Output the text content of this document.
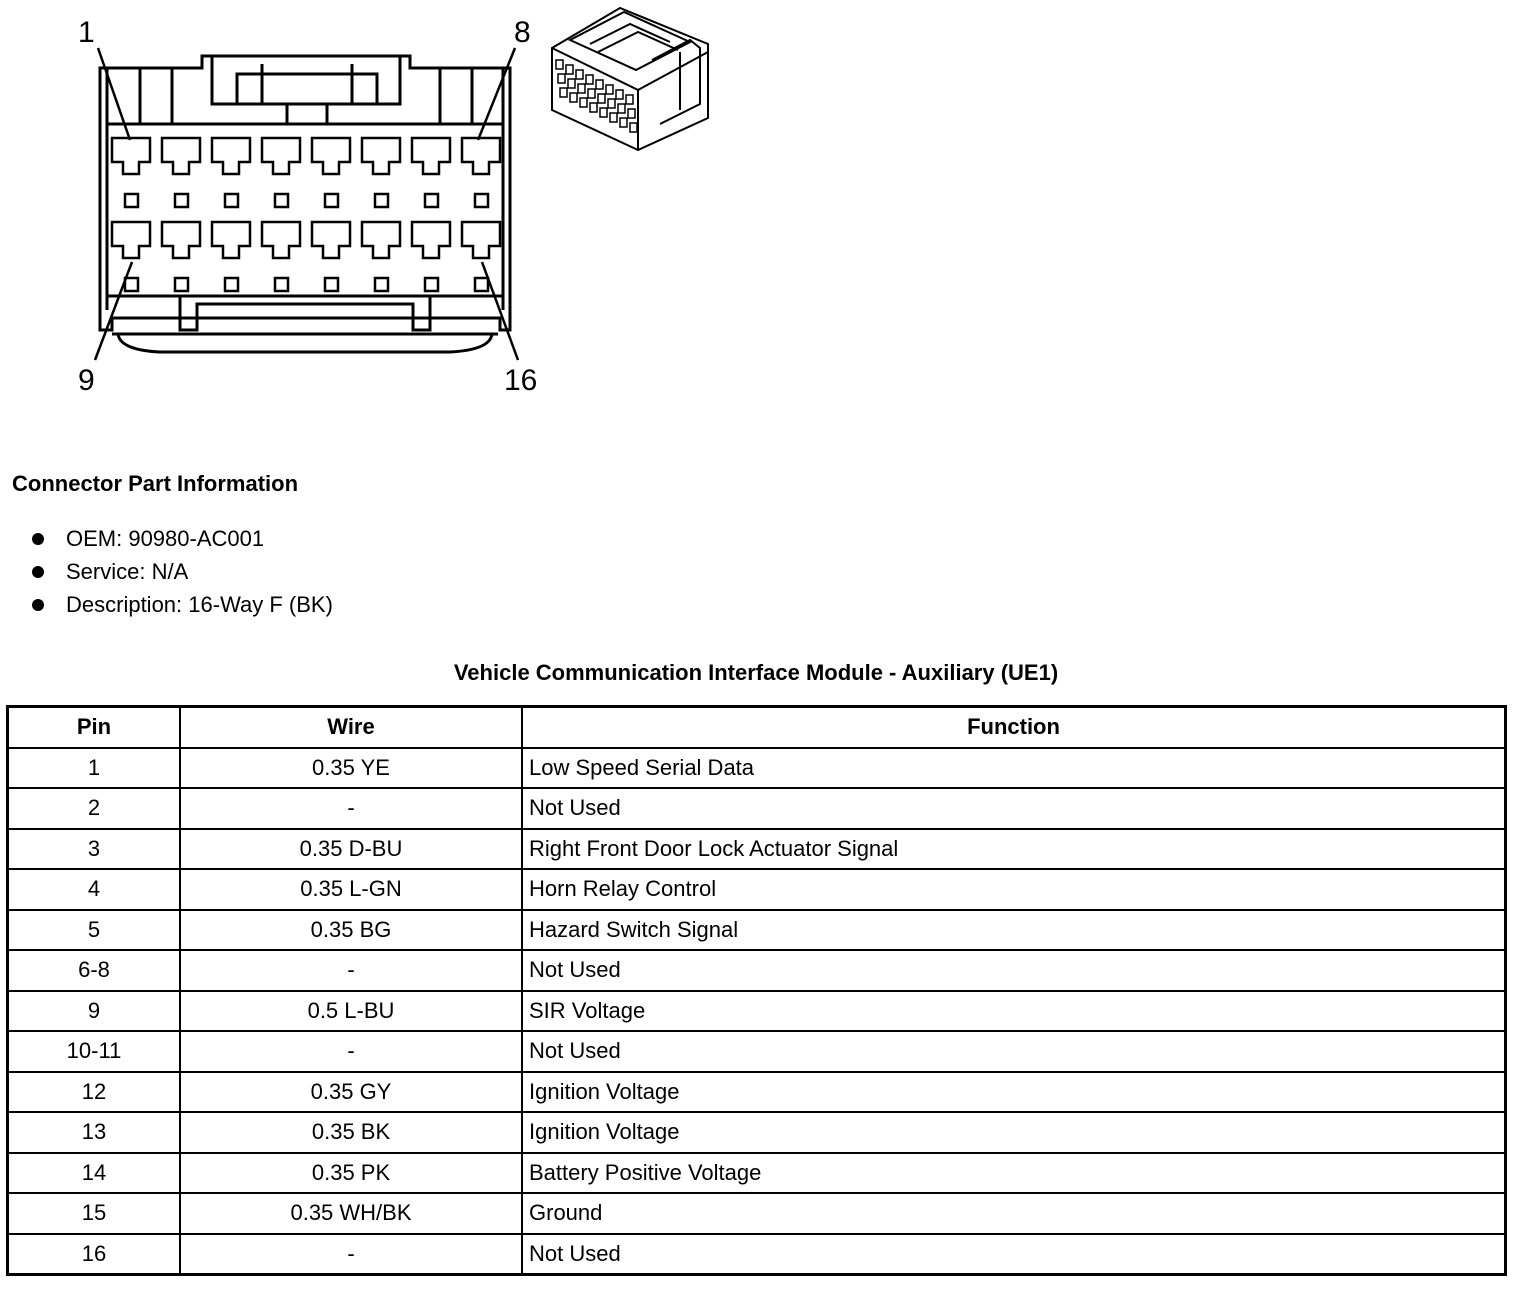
1	8
9	16
Connector Part Information
OEM: 90980-AC001
Service: N/A
Description: 16-Way F (BK)
Vehicle Communication Interface Module - Auxiliary (UE1)
Pin	Wire	Function
1	0.35 YE	Low Speed Serial Data
2	-	Not Used
3	0.35 D-BU	Right Front Door Lock Actuator Signal
4	0.35 L-GN	Horn Relay Control
5	0.35 BG	Hazard Switch Signal
6-8	-	Not Used
9	0.5 L-BU	SIR Voltage
10-11	-	Not Used
12	0.35 GY	Ignition Voltage
13	0.35 BK	Ignition Voltage
14	0.35 PK	Battery Positive Voltage
15	0.35 WH/BK	Ground
16	-	Not Used
